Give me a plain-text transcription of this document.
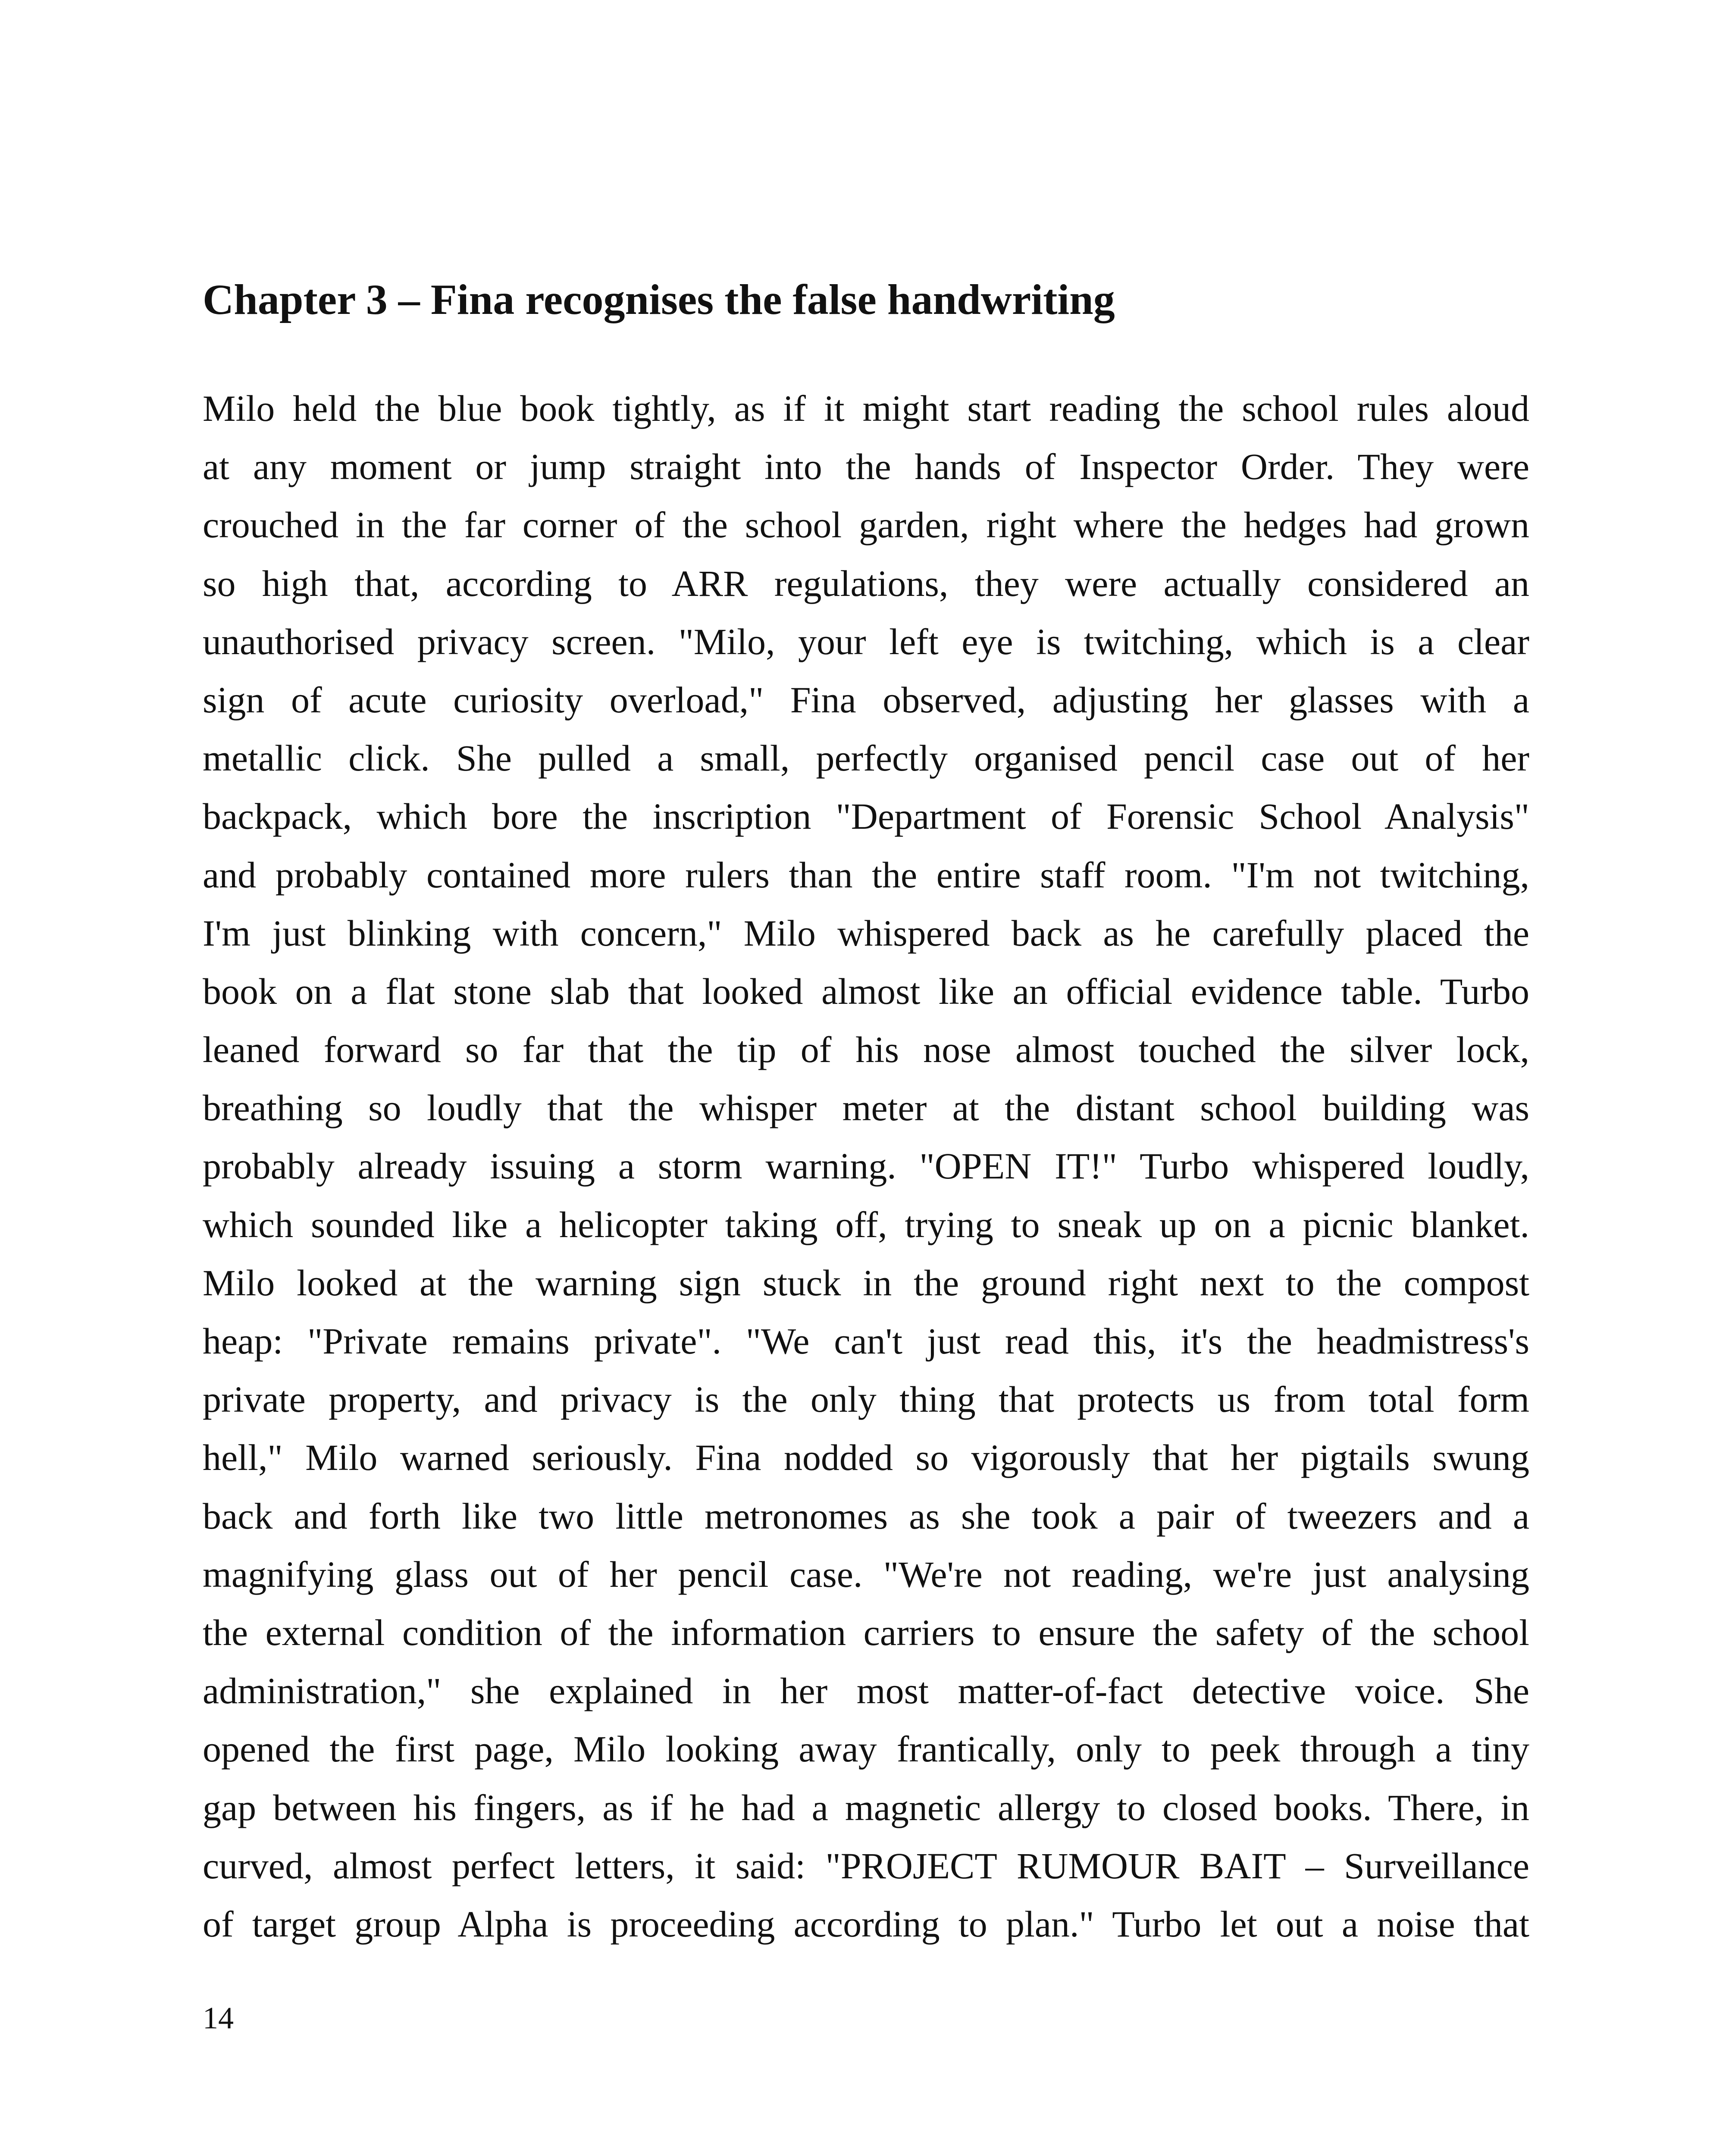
Chapter 3 – Fina recognises the false handwriting
Milo held the blue book tightly, as if it might start reading the school rules aloud
at any moment or jump straight into the hands of Inspector Order. They were
crouched in the far corner of the school garden, right where the hedges had grown
so high that, according to ARR regulations, they were actually considered an
unauthorised privacy screen. "Milo, your left eye is twitching, which is a clear
sign of acute curiosity overload," Fina observed, adjusting her glasses with a
metallic click. She pulled a small, perfectly organised pencil case out of her
backpack, which bore the inscription "Department of Forensic School Analysis"
and probably contained more rulers than the entire staff room. "I'm not twitching,
I'm just blinking with concern," Milo whispered back as he carefully placed the
book on a flat stone slab that looked almost like an official evidence table. Turbo
leaned forward so far that the tip of his nose almost touched the silver lock,
breathing so loudly that the whisper meter at the distant school building was
probably already issuing a storm warning. "OPEN IT!" Turbo whispered loudly,
which sounded like a helicopter taking off, trying to sneak up on a picnic blanket.
Milo looked at the warning sign stuck in the ground right next to the compost
heap: "Private remains private". "We can't just read this, it's the headmistress's
private property, and privacy is the only thing that protects us from total form
hell," Milo warned seriously. Fina nodded so vigorously that her pigtails swung
back and forth like two little metronomes as she took a pair of tweezers and a
magnifying glass out of her pencil case. "We're not reading, we're just analysing
the external condition of the information carriers to ensure the safety of the school
administration," she explained in her most matter-of-fact detective voice. She
opened the first page, Milo looking away frantically, only to peek through a tiny
gap between his fingers, as if he had a magnetic allergy to closed books. There, in
curved, almost perfect letters, it said: "PROJECT RUMOUR BAIT – Surveillance
of target group Alpha is proceeding according to plan." Turbo let out a noise that
14
